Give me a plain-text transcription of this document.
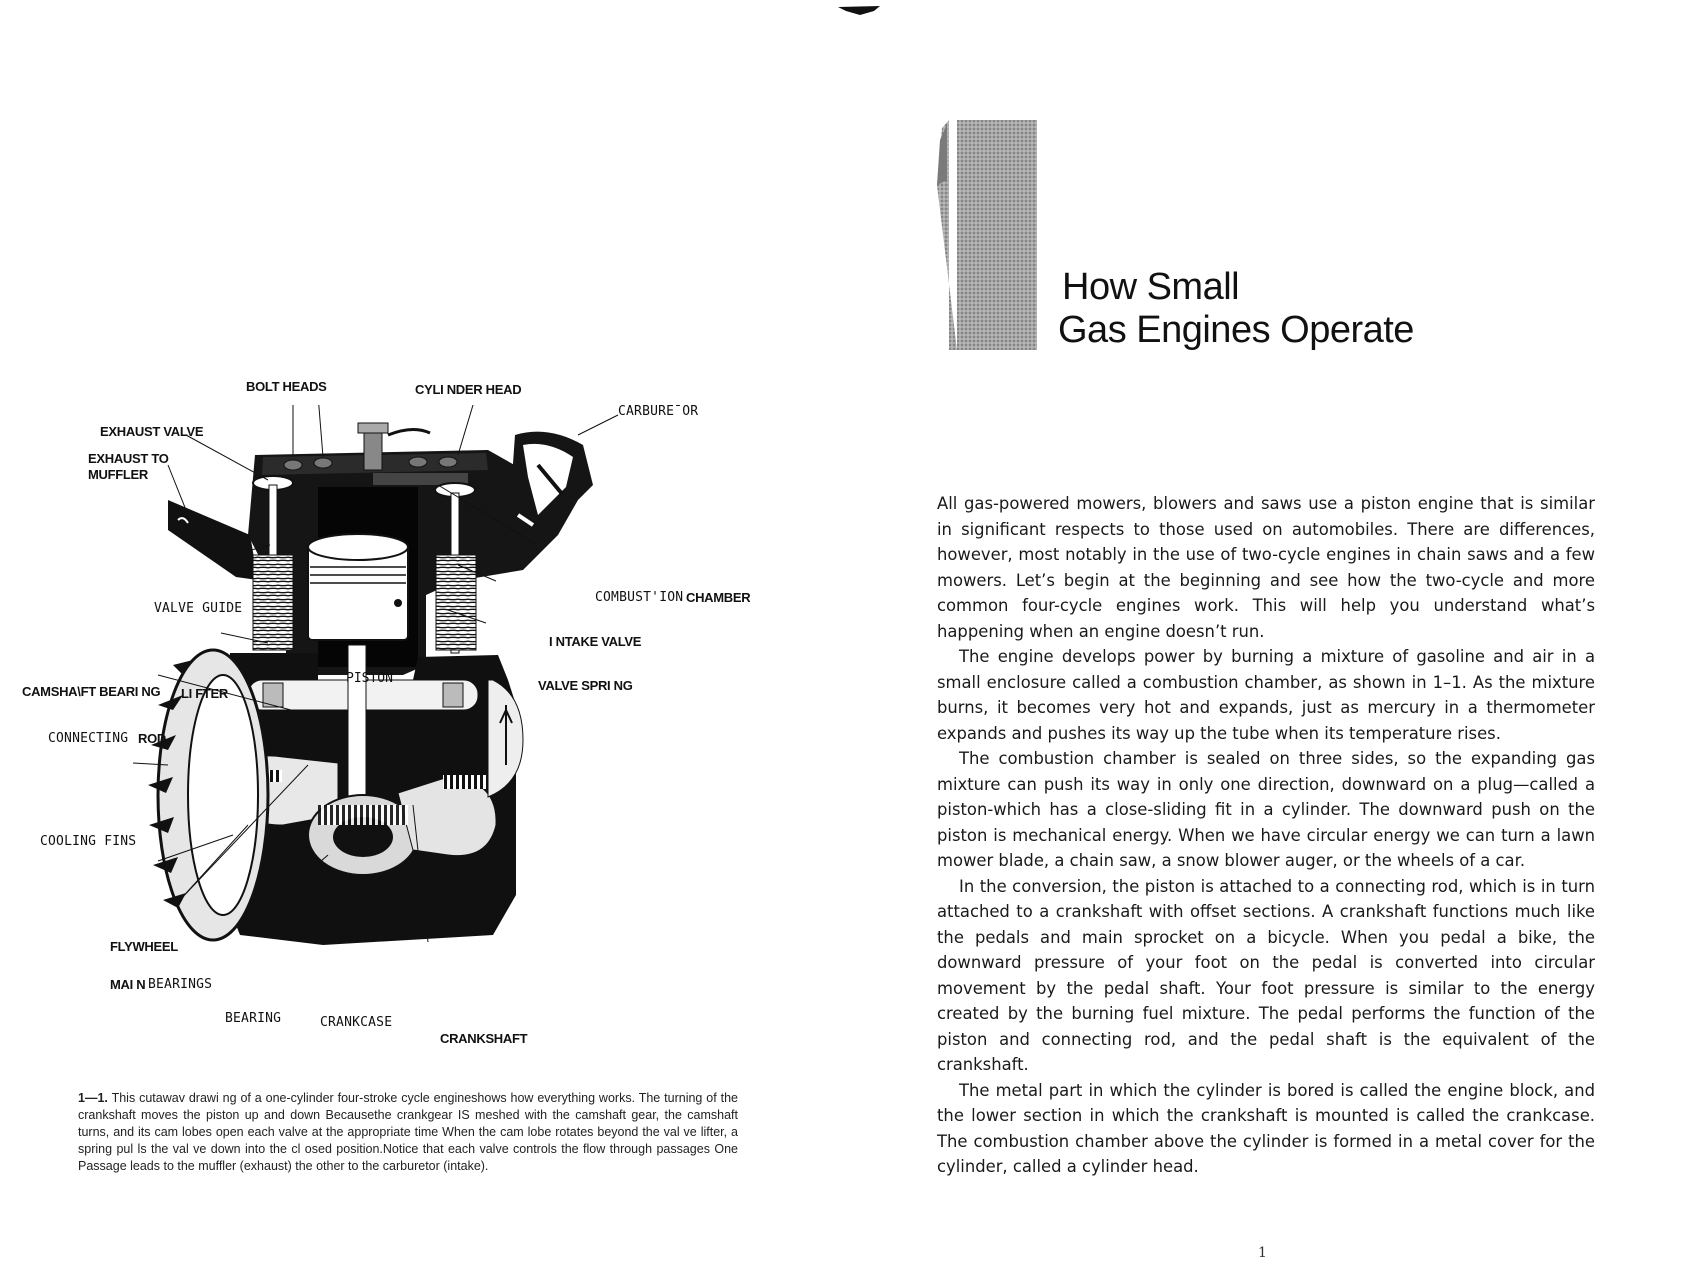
BOLT HEADS	CYLI NDER HEAD
CARBURE¯OR
EXHAUST VALVE
EXHAUST TO
MUFFLER
COMBUST'ION CHAMBER
VALVE GUIDE
I NTAKE VALVE
PISTON	VALVE SPRI NG
CAMSHA\FT BEARI NG LI FTER
CONNECTING ROD
COOLING FINS
FLYWHEEL
MAI N BEARINGS
BEARING	CRANKCASE
CRANKSHAFT
1—1. This cutawav drawi ng of a one-cylinder four-stroke cycle engineshows how everything works. The turning of the crankshaft moves the piston up and down Becausethe crankgear IS meshed with the camshaft gear, the camshaft turns, and its cam lobes open each valve at the appropriate time When the cam lobe rotates beyond the val ve lifter, a spring pul ls the val ve down into the cl osed position.Notice that each valve controls the flow through passages One Passage leads to the muffler (exhaust) the other to the carburetor (intake).
How Small
Gas Engines Operate

All gas-powered mowers, blowers and saws use a piston engine that is similar in significant respects to those used on automobiles. There are differences, however, most notably in the use of two-cycle engines in chain saws and a few mowers. Let’s begin at the beginning and see how the two-cycle and more common four-cycle engines work. This will help you understand what’s happening when an engine doesn’t run.

The engine develops power by burning a mixture of gasoline and air in a small enclosure called a combustion chamber, as shown in 1–1. As the mixture burns, it becomes very hot and expands, just as mercury in a thermometer expands and pushes its way up the tube when its temperature rises.

The combustion chamber is sealed on three sides, so the expanding gas mixture can push its way in only one direction, downward on a plug—called a piston-which has a close-sliding fit in a cylinder. The downward push on the piston is mechanical energy. When we have circular energy we can turn a lawn mower blade, a chain saw, a snow blower auger, or the wheels of a car.

In the conversion, the piston is attached to a connecting rod, which is in turn attached to a crankshaft with offset sections. A crankshaft functions much like the pedals and main sprocket on a bicycle. When you pedal a bike, the downward pressure of your foot on the pedal is converted into circular movement by the pedal shaft. Your foot pressure is similar to the energy created by the burning fuel mixture. The pedal performs the function of the piston and connecting rod, and the pedal shaft is the equivalent of the crankshaft.

The metal part in which the cylinder is bored is called the engine block, and the lower section in which the crankshaft is mounted is called the crankcase. The combustion chamber above the cylinder is formed in a metal cover for the cylinder, called a cylinder head.

1
